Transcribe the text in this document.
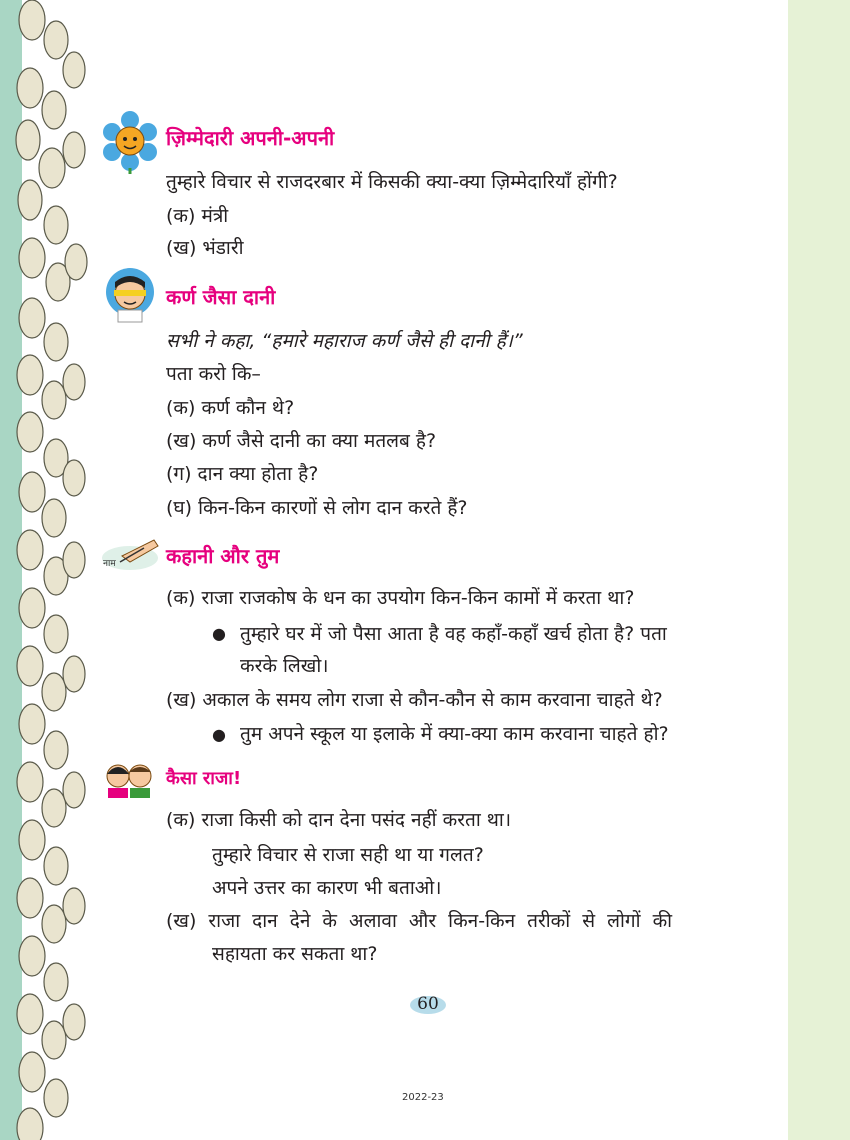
ज़िम्मेदारी अपनी-अपनी
तुम्हारे विचार से राजदरबार में किसकी क्या-क्या ज़िम्मेदारियाँ होंगी?
(क) मंत्री
(ख) भंडारी
कर्ण जैसा दानी
सभी ने कहा, “हमारे महाराज कर्ण जैसे ही दानी हैं।”
पता करो कि–
(क) कर्ण कौन थे?
(ख) कर्ण जैसे दानी का क्या मतलब है?
(ग) दान क्या होता है?
(घ) किन-किन कारणों से लोग दान करते हैं?
नाम	कहानी और तुम
(क) राजा राजकोष के धन का उपयोग किन-किन कामों में करता था?
● तुम्हारे घर में जो पैसा आता है वह कहाँ-कहाँ खर्च होता है? पता
करके लिखो।
(ख) अकाल के समय लोग राजा से कौन-कौन से काम करवाना चाहते थे?
● तुम अपने स्कूल या इलाके में क्या-क्या काम करवाना चाहते हो?
कैसा राजा!
(क) राजा किसी को दान देना पसंद नहीं करता था।
तुम्हारे विचार से राजा सही था या गलत?
अपने उत्तर का कारण भी बताओ।
(ख) राजा दान देने के अलावा और किन-किन तरीकों से लोगों की
सहायता कर सकता था?
60
2022-23
